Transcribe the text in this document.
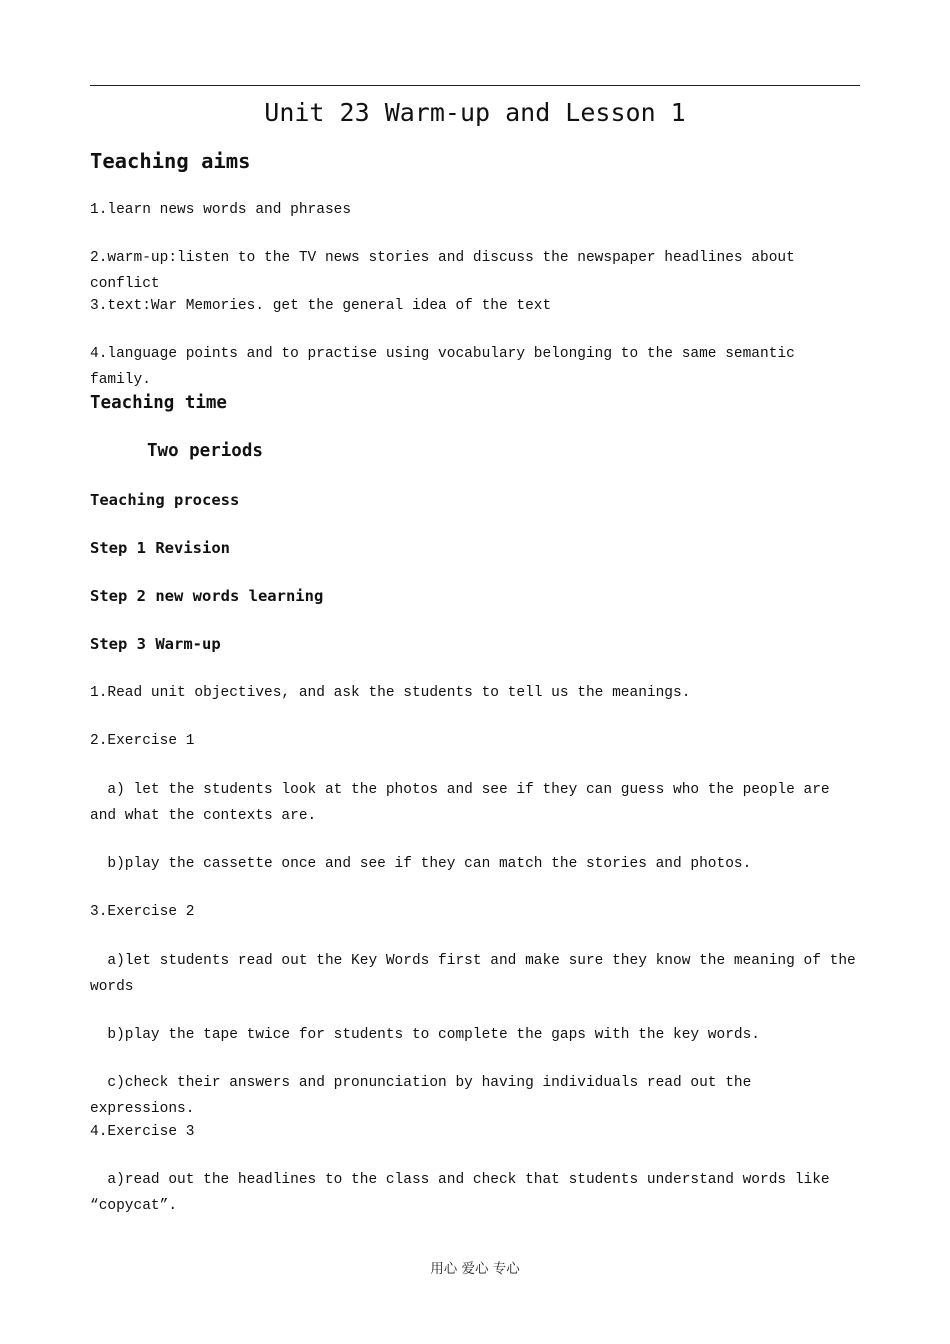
Unit 23 Warm-up and Lesson 1
Teaching aims
1.learn news words and phrases
2.warm-up:listen to the TV news stories and discuss the newspaper headlines about conflict
3.text:War Memories. get the general idea of the text
4.language points and to practise using vocabulary belonging to the same semantic family.
Teaching time
Two periods
Teaching process
Step 1 Revision
Step 2 new words learning
Step 3 Warm-up
1.Read unit objectives, and ask the students to tell us the meanings.
2.Exercise 1
a) let the students look at the photos and see if they can guess who the people are and what the contexts are.
b)play the cassette once and see if they can match the stories and photos.
3.Exercise 2
a)let students read out the Key Words first and make sure they know the meaning of the words
b)play the tape twice for students to complete the gaps with the key words.
c)check their answers and pronunciation by having individuals read out the expressions.
4.Exercise 3
a)read out the headlines to the class and check that students understand words like “copycat”.
用心 爱心 专心
